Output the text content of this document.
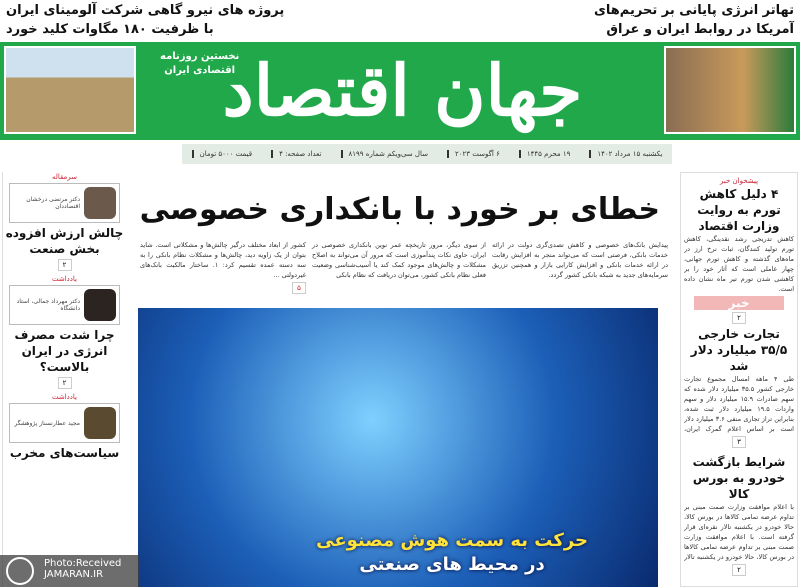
پروژه های نیرو گاهی شرکت آلومینای ایران
با ظرفیت ۱۸۰ مگاوات کلید خورد
تهاتر انرژی پایانی بر تحریم‌های
آمریکا در روابط ایران و عراق
جهان اقتصاد
نخستین روزنامه
اقتصادی ایران
یکشنبه ۱۵ مرداد ۱۴۰۲
۱۹ محرم ۱۴۴۵
۶ آگوست ۲۰۲۳
سال سی‌ویکم شماره ۸۱۹۹
تعداد صفحه: ۴
قیمت ۵۰۰۰ تومان
پیشخوان خبر
۴ دلیل کاهش تورم به روایت وزارت اقتصاد
کاهش تدریجی رشد نقدینگی، کاهش تورم تولید کنندگان، ثبات نرخ ارز در ماه‌های گذشته و کاهش تورم جهانی، چهار عاملی است که آثار خود را بر کاهشی شدن تورم تیر ماه نشان داده است.
خبر
۲
تجارت خارجی ۳۵/۵ میلیارد دلار شد
طی ۴ ماهه امسال مجموع تجارت خارجی کشور ۳۵.۵ میلیارد دلار شده که سهم صادرات ۱۵.۹ میلیارد دلار و سهم واردات ۱۹.۵ میلیارد دلار ثبت شده، بنابراین تراز تجاری منفی ۳.۶ میلیارد دلار است بر اساس اعلام گمرک ایران،
۳
شرایط بازگشت خودرو به بورس کالا
با اعلام موافقت وزارت صمت مبنی بر تداوم عرضه تمامی کالاها در بورس کالا، حالا خودرو در یکشنبه تالار نقره‌ای قرار گرفته است. با اعلام موافقت وزارت صمت مبنی بر تداوم عرضه تمامی کالاها در بورس کالا، حالا خودرو در یکشنبه تالار
۲
سرمقاله
دکتر مرتضی درخشان اقتصاددان
چالش ارزش افزوده بخش صنعت
۲
یادداشت
دکتر مهرداد جمالی، استاد دانشگاه
چرا شدت مصرف انرژی در ایران بالاست؟
۲
یادداشت
مجید عطارنسناز پژوهشگر
سیاست‌های مخرب
خطای بر خورد با بانکداری خصوصی
پیدایش بانک‌های خصوصی و کاهش تصدی‌گری دولت در ارائه خدمات بانکی، فرصتی است که می‌تواند منجر به افزایش رقابت در ارائه خدمات بانکی و افزایش کارایی بازار و همچنین تزریق سرمایه‌های جدید به شبکه بانکی کشور گردد.
از سوی دیگر، مرور تاریخچه عمر نوین بانکداری خصوصی در ایران، حاوی نکات پندآموزی است که مرور آن می‌تواند به اصلاح مشکلات و چالش‌های موجود کمک کند یا آسیب‌شناسی وضعیت فعلی نظام بانکی کشور، می‌توان دریافت که نظام بانکی
کشور از ابعاد مختلف درگیر چالش‌ها و مشکلاتی است. شاید بتوان از یک زاویه دید، چالش‌ها و مشکلات نظام بانکی را به سه دسته عمده تقسیم کرد: ۱. ساختار مالکیت بانک‌های غیردولتی ...
۵
حرکت به سمت هوش مصنوعی
در محیط های صنعتی
Photo:Received
JAMARAN.IR
